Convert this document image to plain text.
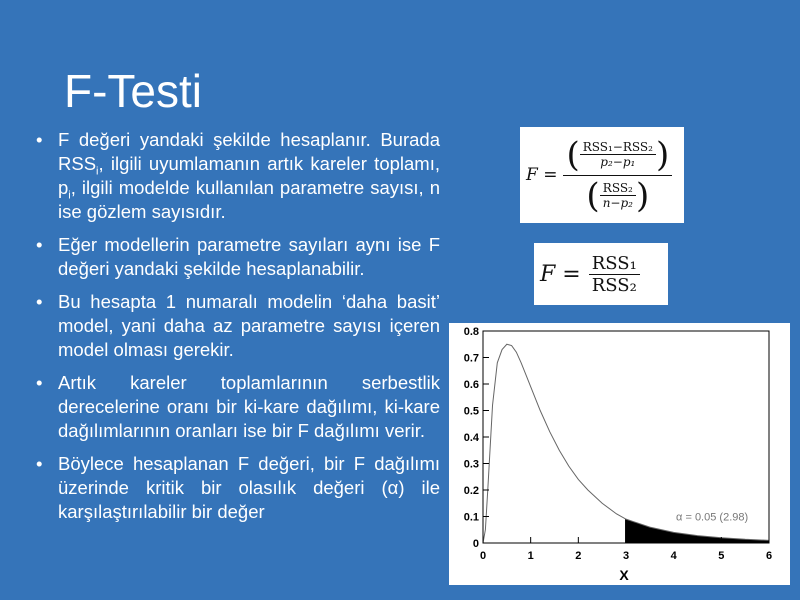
F-Testi
• F değeri yandaki şekilde hesaplanır. Burada $RSS_i$, ilgili uyumlamanın artık kareler toplamı, $p_i$, ilgili modelde kullanılan parametre sayısı, n ise gözlem sayısıdır.
• Eğer modellerin parametre sayıları aynı ise F değeri yandaki şekilde hesaplanabilir.
• Bu hesapta 1 numaralı modelin ‘daha basit’ model, yani daha az parametre sayısı içeren model olması gerekir.
• Artık kareler toplamlarının serbestlik derecelerine oranı bir ki-kare dağılımı, ki-kare dağılımlarının oranları ise bir F dağılımı verir.
• Böylece hesaplanan F değeri, bir F dağılımı üzerinde kritik bir olasılık değeri (α) ile karşılaştırılabilir bir değer
F =
( $\frac{\text{RSS₁−RSS₂}}{\text{p₂−p₁}}$ )
( $\frac{\text{RSS₂}}{\text{n−p₂}}$ )
$F = \frac{\text{RSS₁}}{\text{RSS₂}}$
0
0.1
0.2
0.3
0.4
0.5
0.6
0.7
0.8
0	1	2	3	4	5	6
X
α = 0.05 (2.98)
